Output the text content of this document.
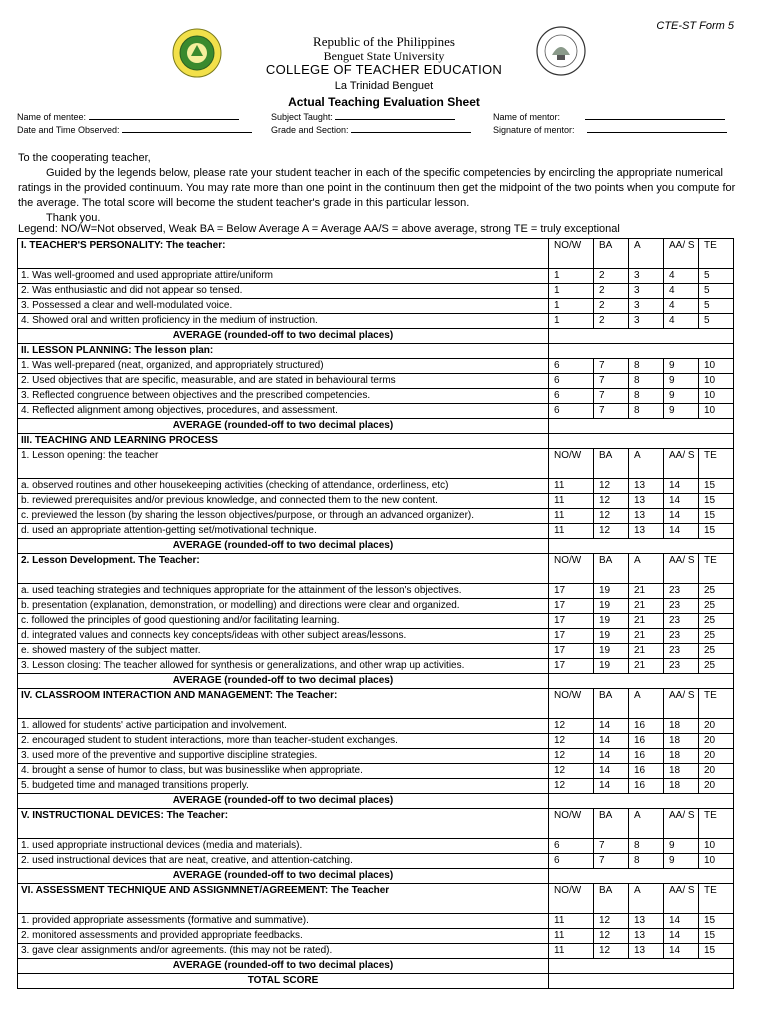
CTE-ST Form 5
Republic of the Philippines
Benguet State University
COLLEGE OF TEACHER EDUCATION
La Trinidad Benguet
Actual Teaching Evaluation Sheet
Name of mentee:	Subject Taught:	Name of mentor:
Date and Time Observed:	Grade and Section:	Signature of mentor:

To the cooperating teacher,

Guided by the legends below, please rate your student teacher in each of the specific competencies by encircling the appropriate numerical ratings in the provided continuum. You may rate more than one point in the continuum then get the midpoint of the two points when you compute for the average. The total score will become the student teacher's grade in this particular lesson.

Thank you.

Legend: NO/W=Not observed, Weak BA = Below Average A = Average AA/S = above average, strong TE = truly exceptional
I. TEACHER'S PERSONALITY: The teacher:	NO/W	BA	A	AA/ S	TE
1. Was well-groomed and used appropriate attire/uniform	1	2	3	4	5
2. Was enthusiastic and did not appear so tensed.	1	2	3	4	5
3. Possessed a clear and well-modulated voice.	1	2	3	4	5
4. Showed oral and written proficiency in the medium of instruction.	1	2	3	4	5
AVERAGE (rounded-off to two decimal places)					
II. LESSON PLANNING: The lesson plan:					
1. Was well-prepared (neat, organized, and appropriately structured)	6	7	8	9	10
2. Used objectives that are specific, measurable, and are stated in behavioural terms	6	7	8	9	10
3. Reflected congruence between objectives and the prescribed competencies.	6	7	8	9	10
4. Reflected alignment among objectives, procedures, and assessment.	6	7	8	9	10
AVERAGE (rounded-off to two decimal places)					
III. TEACHING AND LEARNING PROCESS					
1. Lesson opening: the teacher	NO/W	BA	A	AA/ S	TE
a. observed routines and other housekeeping activities (checking of attendance, orderliness, etc)	11	12	13	14	15
b. reviewed prerequisites and/or previous knowledge, and connected them to the new content.	11	12	13	14	15
c. previewed the lesson (by sharing the lesson objectives/purpose, or through an advanced organizer).	11	12	13	14	15
d. used an appropriate attention-getting set/motivational technique.	11	12	13	14	15
AVERAGE (rounded-off to two decimal places)					
2. Lesson Development. The Teacher:	NO/W	BA	A	AA/ S	TE
a. used teaching strategies and techniques appropriate for the attainment of the lesson's objectives.	17	19	21	23	25
b. presentation (explanation, demonstration, or modelling) and directions were clear and organized.	17	19	21	23	25
c. followed the principles of good questioning and/or facilitating learning.	17	19	21	23	25
d. integrated values and connects key concepts/ideas with other subject areas/lessons.	17	19	21	23	25
e. showed mastery of the subject matter.	17	19	21	23	25
3. Lesson closing: The teacher allowed for synthesis or generalizations, and other wrap up activities.	17	19	21	23	25
AVERAGE (rounded-off to two decimal places)					
IV. CLASSROOM INTERACTION AND MANAGEMENT: The Teacher:	NO/W	BA	A	AA/ S	TE
1. allowed for students' active participation and involvement.	12	14	16	18	20
2. encouraged student to student interactions, more than teacher-student exchanges.	12	14	16	18	20
3. used more of the preventive and supportive discipline strategies.	12	14	16	18	20
4. brought a sense of humor to class, but was businesslike when appropriate.	12	14	16	18	20
5. budgeted time and managed transitions properly.	12	14	16	18	20
AVERAGE (rounded-off to two decimal places)					
V. INSTRUCTIONAL DEVICES: The Teacher:	NO/W	BA	A	AA/ S	TE
1. used appropriate instructional devices (media and materials).	6	7	8	9	10
2. used instructional devices that are neat, creative, and attention-catching.	6	7	8	9	10
AVERAGE (rounded-off to two decimal places)					
VI. ASSESSMENT TECHNIQUE AND ASSIGNMNET/AGREEMENT: The Teacher	NO/W	BA	A	AA/ S	TE
1. provided appropriate assessments (formative and summative).	11	12	13	14	15
2. monitored assessments and provided appropriate feedbacks.	11	12	13	14	15
3. gave clear assignments and/or agreements. (this may not be rated).	11	12	13	14	15
AVERAGE (rounded-off to two decimal places)					
TOTAL SCORE					
